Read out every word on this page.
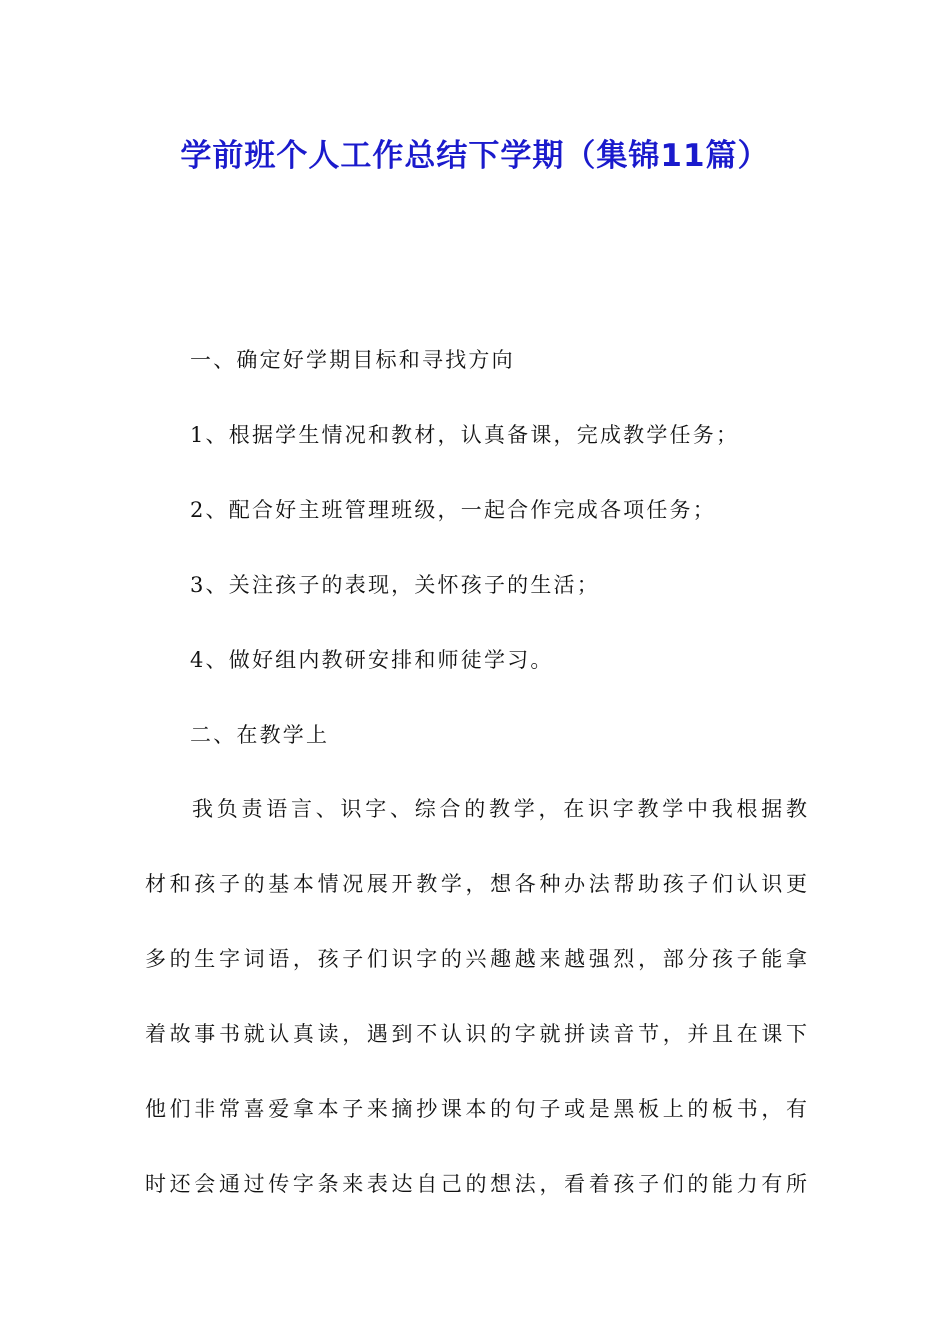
学前班个人工作总结下学期（集锦11篇）

一、确定好学期目标和寻找方向

1、根据学生情况和教材，认真备课，完成教学任务；

2、配合好主班管理班级，一起合作完成各项任务；

3、关注孩子的表现，关怀孩子的生活；

4、做好组内教研安排和师徒学习。

二、在教学上

我负责语言、识字、综合的教学，在识字教学中我根据教

材和孩子的基本情况展开教学，想各种办法帮助孩子们认识更

多的生字词语，孩子们识字的兴趣越来越强烈，部分孩子能拿

着故事书就认真读，遇到不认识的字就拼读音节，并且在课下

他们非常喜爱拿本子来摘抄课本的句子或是黑板上的板书，有

时还会通过传字条来表达自己的想法，看着孩子们的能力有所
